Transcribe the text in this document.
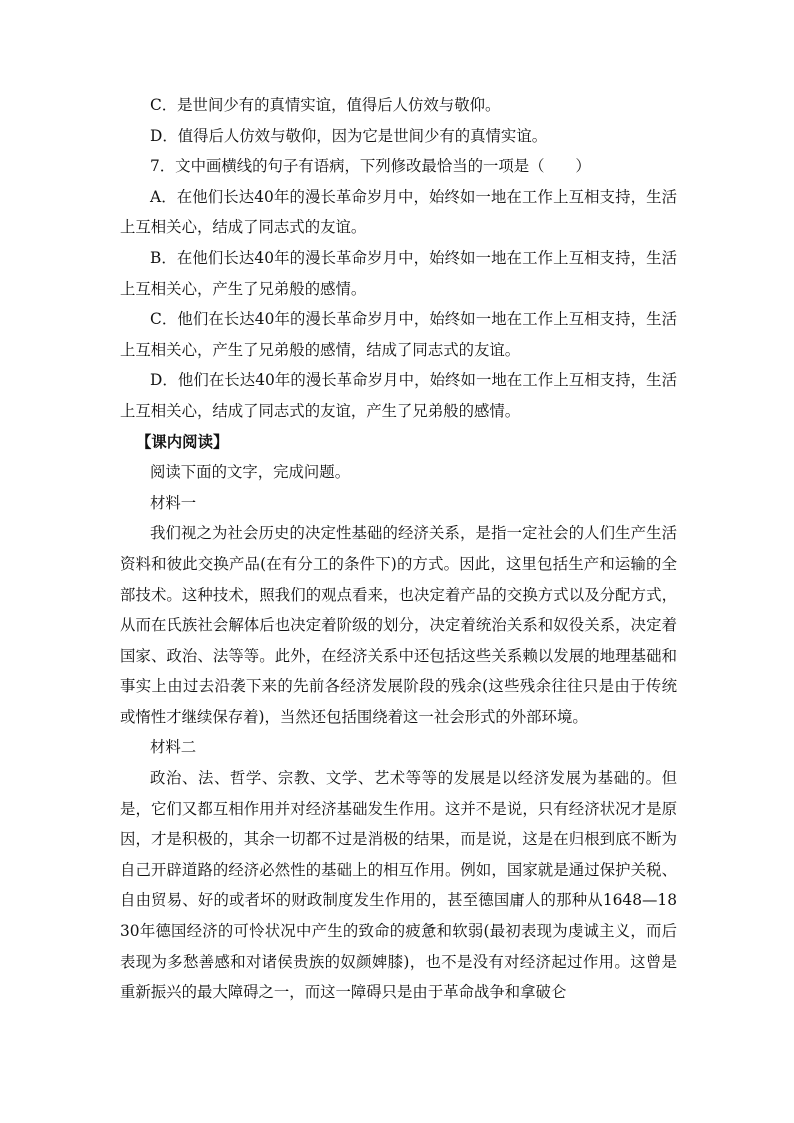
C．是世间少有的真情实谊，值得后人仿效与敬仰。

D．值得后人仿效与敬仰，因为它是世间少有的真情实谊。

7．文中画横线的句子有语病，下列修改最恰当的一项是（　　）

A．在他们长达40年的漫长革命岁月中，始终如一地在工作上互相支持，生活上互相关心，结成了同志式的友谊。

B．在他们长达40年的漫长革命岁月中，始终如一地在工作上互相支持，生活上互相关心，产生了兄弟般的感情。

C．他们在长达40年的漫长革命岁月中，始终如一地在工作上互相支持，生活上互相关心，产生了兄弟般的感情，结成了同志式的友谊。

D．他们在长达40年的漫长革命岁月中，始终如一地在工作上互相支持，生活上互相关心，结成了同志式的友谊，产生了兄弟般的感情。

【课内阅读】

阅读下面的文字，完成问题。

材料一

我们视之为社会历史的决定性基础的经济关系，是指一定社会的人们生产生活资料和彼此交换产品(在有分工的条件下)的方式。因此，这里包括生产和运输的全部技术。这种技术，照我们的观点看来，也决定着产品的交换方式以及分配方式，从而在氏族社会解体后也决定着阶级的划分，决定着统治关系和奴役关系，决定着国家、政治、法等等。此外，在经济关系中还包括这些关系赖以发展的地理基础和事实上由过去沿袭下来的先前各经济发展阶段的残余(这些残余往往只是由于传统或惰性才继续保存着)，当然还包括围绕着这一社会形式的外部环境。

材料二

政治、法、哲学、宗教、文学、艺术等等的发展是以经济发展为基础的。但是，它们又都互相作用并对经济基础发生作用。这并不是说，只有经济状况才是原因，才是积极的，其余一切都不过是消极的结果，而是说，这是在归根到底不断为自己开辟道路的经济必然性的基础上的相互作用。例如，国家就是通过保护关税、自由贸易、好的或者坏的财政制度发生作用的，甚至德国庸人的那种从1648—1830年德国经济的可怜状况中产生的致命的疲惫和软弱(最初表现为虔诚主义，而后表现为多愁善感和对诸侯贵族的奴颜婢膝)，也不是没有对经济起过作用。这曾是重新振兴的最大障碍之一，而这一障碍只是由于革命战争和拿破仑
